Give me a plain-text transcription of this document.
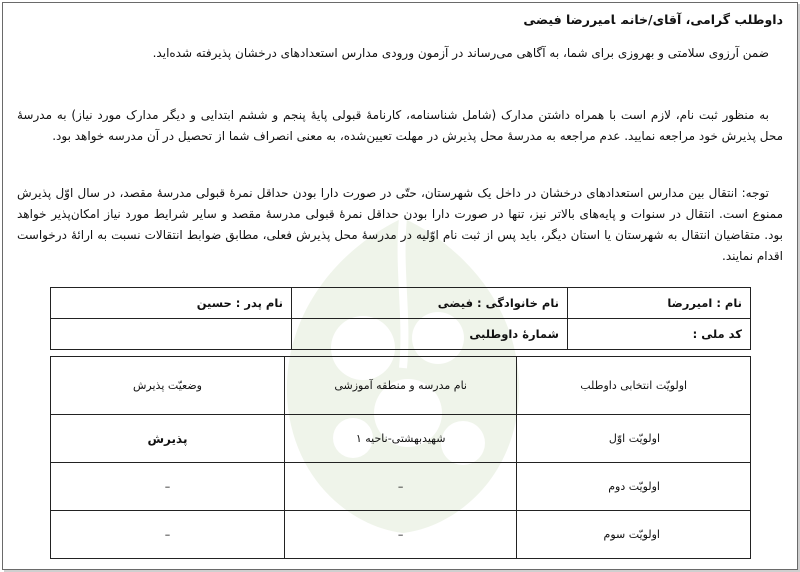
داوطلب گرامی، آقای/خانمامیررضا فیضی
ضمن آرزوی سلامتی و بهروزی برای شما، به آگاهی می‌رساند در آزمون ورودی مدارس استعدادهای درخشان پذیرفته شده‌اید.
به منظور ثبت نام، لازم است با همراه داشتن مدارک (شامل شناسنامه، کارنامهٔ قبولی پایهٔ پنجم و ششم ابتدایی و دیگر مدارک مورد نیاز) به مدرسهٔ محل پذیرش خود مراجعه نمایید. عدم مراجعه به مدرسهٔ محل پذیرش در مهلت تعیین‌شده، به معنی انصراف شما از تحصیل در آن مدرسه خواهد بود.
توجه: انتقال بین مدارس استعدادهای درخشان در داخل یک شهرستان، حتّی در صورت دارا بودن حداقل نمرهٔ قبولی مدرسهٔ مقصد، در سال اوّل پذیرش ممنوع است. انتقال در سنوات و پایه‌های بالاتر نیز، تنها در صورت دارا بودن حداقل نمرهٔ قبولی مدرسهٔ مقصد و سایر شرایط مورد نیاز امکان‌پذیر خواهد بود. متقاضیان انتقال به شهرستان یا استان دیگر، باید پس از ثبت نام اوّلیه در مدرسهٔ محل پذیرش فعلی، مطابق ضوابط انتقالات نسبت به ارائهٔ درخواست اقدام نمایند.
نام : امیررضا	نام خانوادگی : فیضی	نام پدر : حسین
کد ملی :	شمارهٔ داوطلبی	
اولویّت انتخابی داوطلب	نام مدرسه و منطقه آموزشی	وضعیّت پذیرش
اولویّت اوّل	شهیدبهشتی-ناحیه ۱	پذیرش
اولویّت دوم	–	–
اولویّت سوم	–	–
